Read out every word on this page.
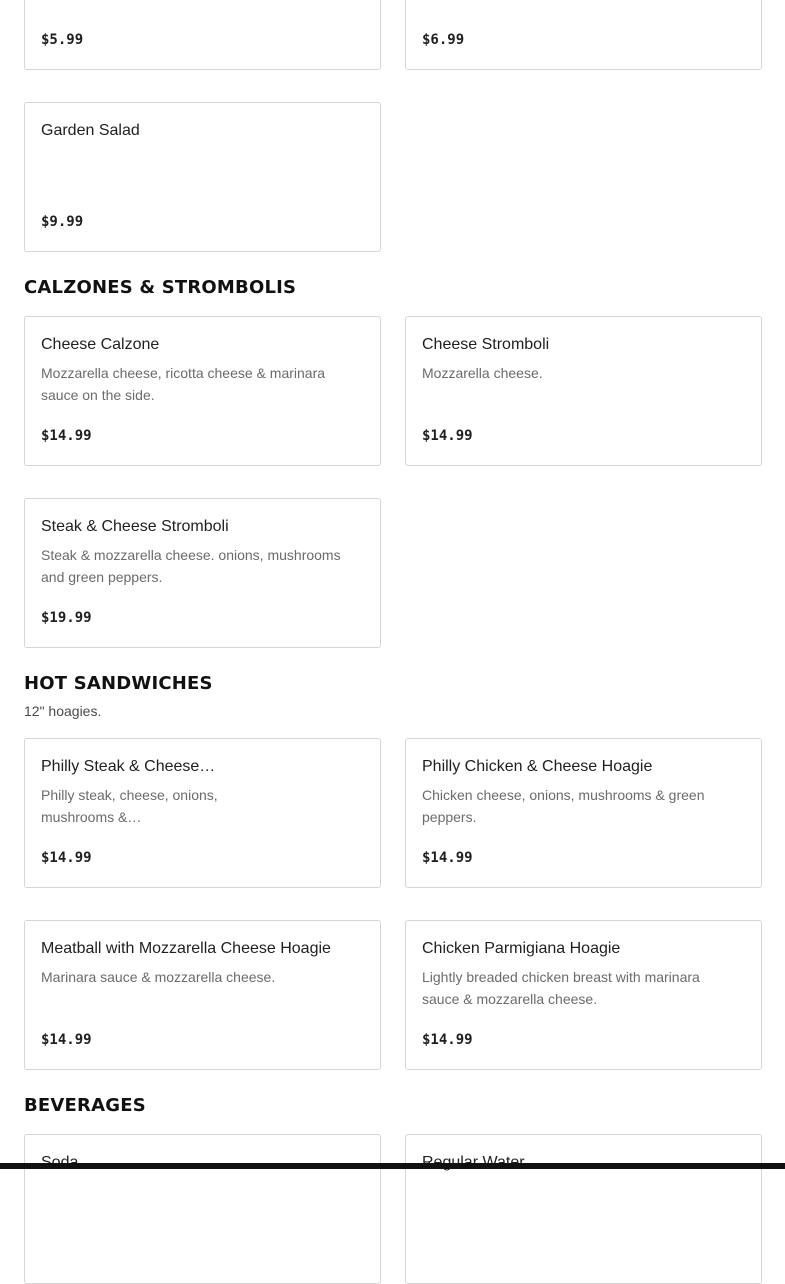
$5.99	$6.99
Garden Salad
$9.99
CALZONES & STROMBOLIS
Cheese Calzone
Mozzarella cheese, ricotta cheese & marinara sauce on the side.
$14.99
Cheese Stromboli
Mozzarella cheese.
$14.99
Steak & Cheese Stromboli
Steak & mozzarella cheese. onions, mushrooms and green peppers.
$19.99
HOT SANDWICHES
12" hoagies.
Philly Steak & Cheese…
Philly steak, cheese, onions, mushrooms &…
$14.99
Philly Chicken & Cheese Hoagie
Chicken cheese, onions, mushrooms & green peppers.
$14.99
Meatball with Mozzarella Cheese Hoagie
Marinara sauce & mozzarella cheese.
$14.99
Chicken Parmigiana Hoagie
Lightly breaded chicken breast with marinara sauce & mozzarella cheese.
$14.99
BEVERAGES
